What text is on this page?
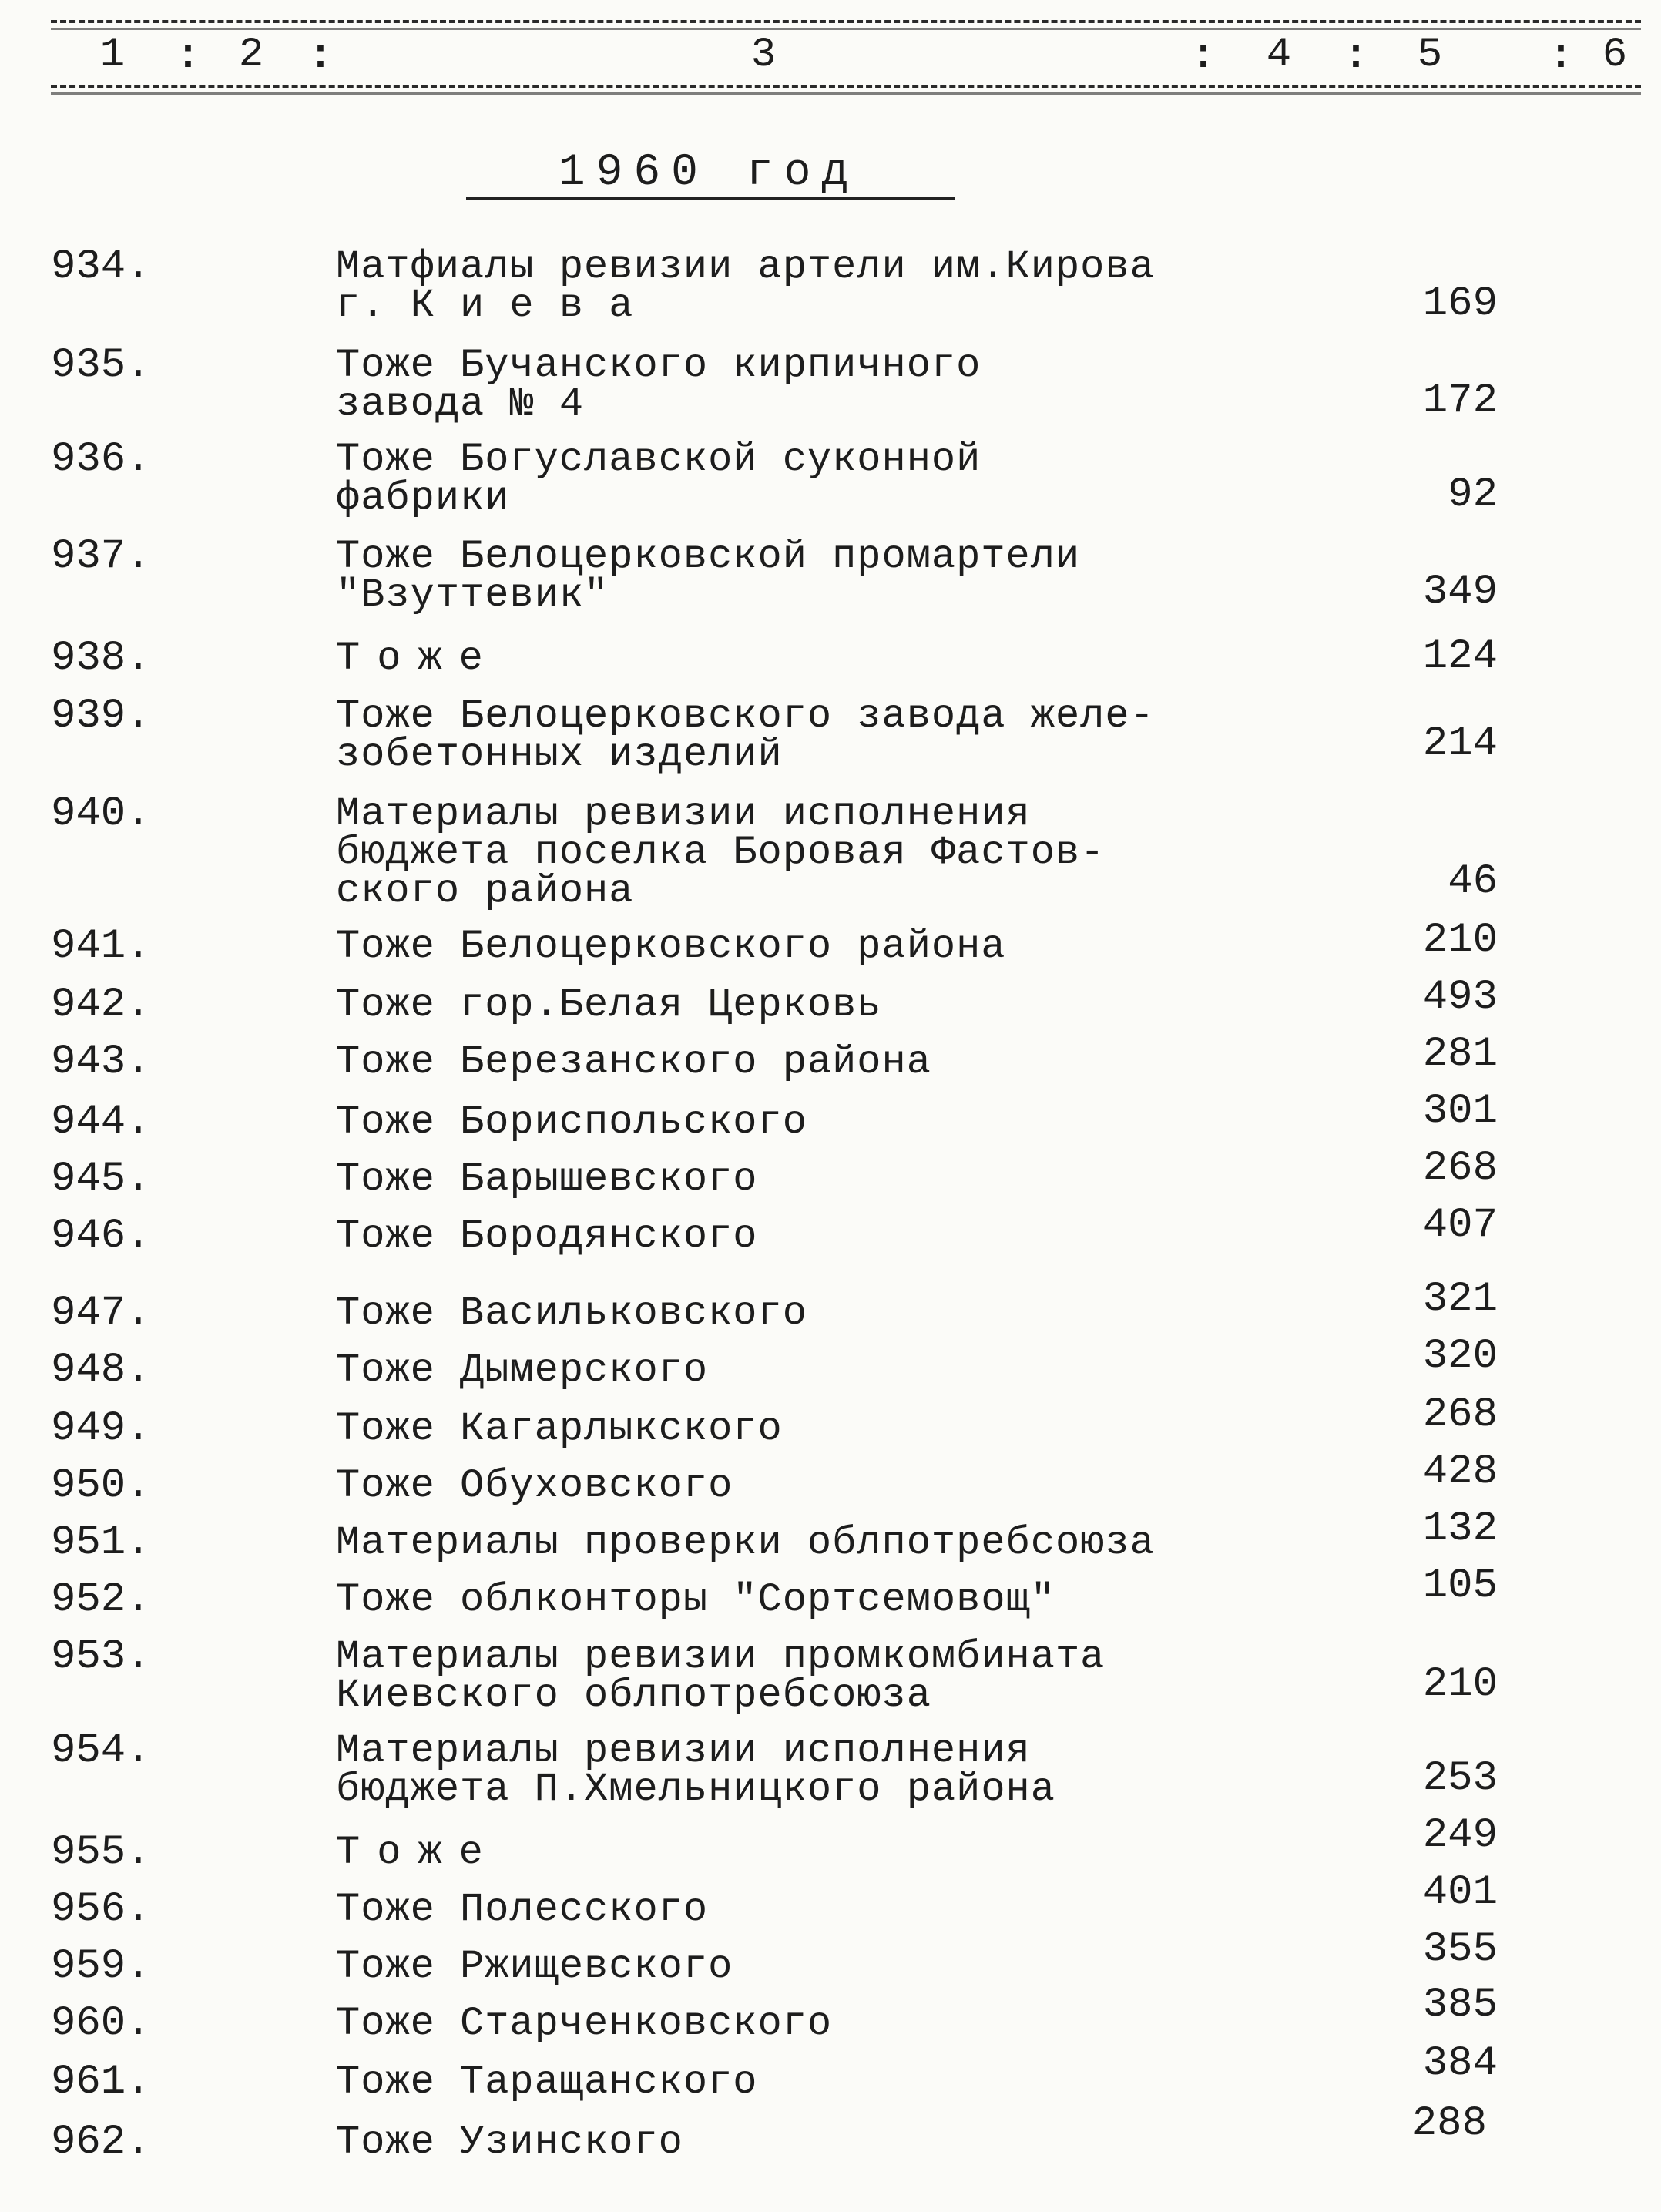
1 : 2 :	3	: 4 : 5	: 6
1960 год
934.	Матфиалы ревизии артели им.Кирова
г. К и е в а	169
935.	Тоже Бучанского кирпичного
завода № 4	172
936.	Тоже Богуславской суконной
фабрики	92
937.	Тоже Белоцерковской промартели
"Взуттевик"	349
938.	Тоже	124
939.	Тоже Белоцерковского завода желе-
зобетонных изделий	214
940.	Материалы ревизии исполнения
бюджета поселка Боровая Фастов-
ского района	46
941.	Тоже Белоцерковского района	210
942.	Тоже гор.Белая Церковь	493
943.	Тоже Березанского района	281
944.	Тоже Бориспольского	301
945.	Тоже Барышевского	268
946.	Тоже Бородянского	407
947.	Тоже Васильковского	321
948.	Тоже Дымерского	320
949.	Тоже Кагарлыкского	268
950.	Тоже Обуховского	428
951.	Материалы проверки облпотребсоюза	132
952.	Тоже облконторы "Сортсемовощ"	105
953.	Материалы ревизии промкомбината
Киевского облпотребсоюза	210
954.	Материалы ревизии исполнения
бюджета П.Хмельницкого района	253
955.	Тоже	249
956.	Тоже Полесского	401
959.	Тоже Ржищевского	355
960.	Тоже Старченковского	385
961.	Тоже Таращанского	384
962.	Тоже Узинского	288
